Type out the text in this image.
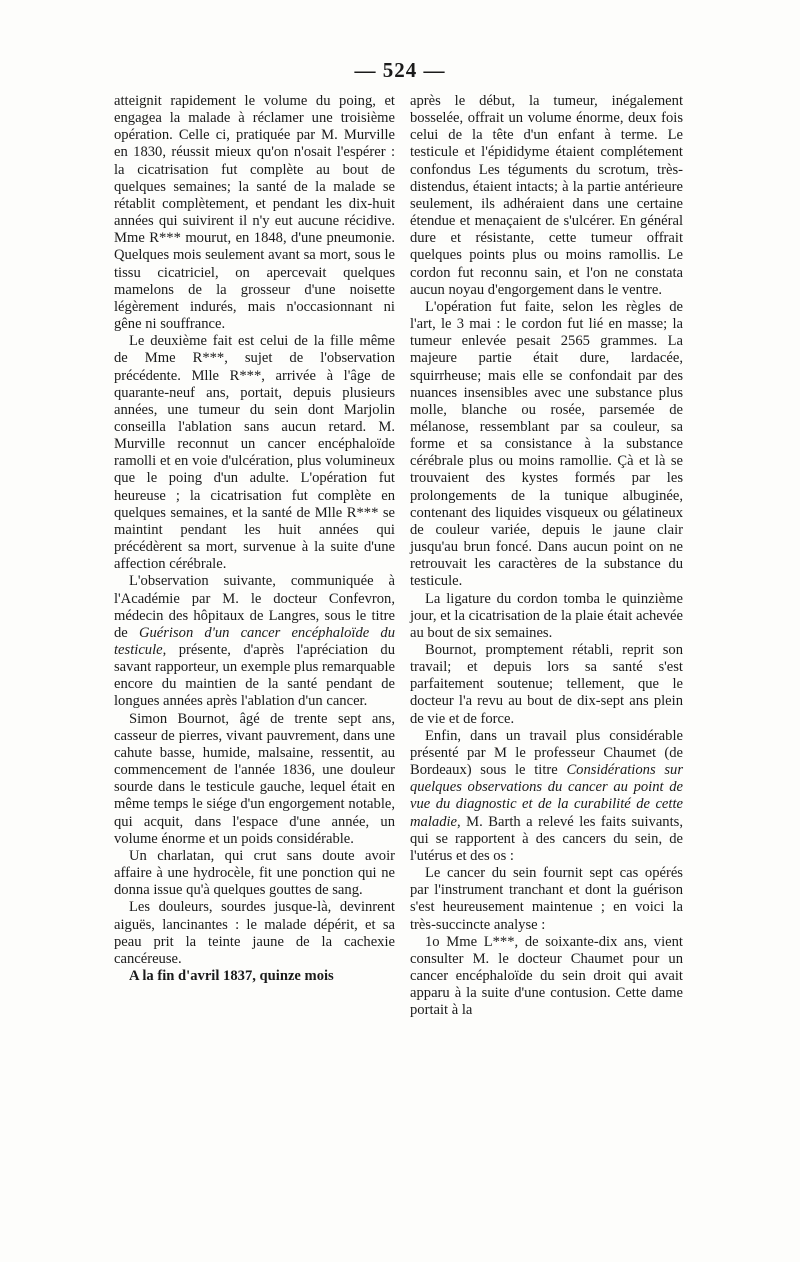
— 524 —

atteignit rapidement le volume du poing, et engagea la malade à réclamer une troisième opération. Celle ci, pratiquée par M. Murville en 1830, réussit mieux qu'on n'osait l'espérer : la cicatrisation fut complète au bout de quelques semaines; la santé de la malade se rétablit complètement, et pendant les dix-huit années qui suivirent il n'y eut aucune récidive. Mme R*** mourut, en 1848, d'une pneumonie. Quelques mois seulement avant sa mort, sous le tissu cicatriciel, on apercevait quelques mamelons de la grosseur d'une noisette légèrement indurés, mais n'occasionnant ni gêne ni souffrance.

Le deuxième fait est celui de la fille même de Mme R***, sujet de l'observation précédente. Mlle R***, arrivée à l'âge de quarante-neuf ans, portait, depuis plusieurs années, une tumeur du sein dont Marjolin conseilla l'ablation sans aucun retard. M. Murville reconnut un cancer encéphaloïde ramolli et en voie d'ulcération, plus volumineux que le poing d'un adulte. L'opération fut heureuse ; la cicatrisation fut complète en quelques semaines, et la santé de Mlle R*** se maintint pendant les huit années qui précédèrent sa mort, survenue à la suite d'une affection cérébrale.

L'observation suivante, communiquée à l'Académie par M. le docteur Confevron, médecin des hôpitaux de Langres, sous le titre de Guérison d'un cancer encéphaloïde du testicule, présente, d'après l'apréciation du savant rapporteur, un exemple plus remarquable encore du maintien de la santé pendant de longues années après l'ablation d'un cancer.

Simon Bournot, âgé de trente sept ans, casseur de pierres, vivant pauvrement, dans une cahute basse, humide, malsaine, ressentit, au commencement de l'année 1836, une douleur sourde dans le testicule gauche, lequel était en même temps le siége d'un engorgement notable, qui acquit, dans l'espace d'une année, un volume énorme et un poids considérable.

Un charlatan, qui crut sans doute avoir affaire à une hydrocèle, fit une ponction qui ne donna issue qu'à quelques gouttes de sang.

Les douleurs, sourdes jusque-là, devinrent aiguës, lancinantes : le malade dépérit, et sa peau prit la teinte jaune de la cachexie cancéreuse.

A la fin d'avril 1837, quinze mois

après le début, la tumeur, inégalement bosselée, offrait un volume énorme, deux fois celui de la tête d'un enfant à terme. Le testicule et l'épididyme étaient complétement confondus Les téguments du scrotum, très-distendus, étaient intacts; à la partie antérieure seulement, ils adhéraient dans une certaine étendue et menaçaient de s'ulcérer. En général dure et résistante, cette tumeur offrait quelques points plus ou moins ramollis. Le cordon fut reconnu sain, et l'on ne constata aucun noyau d'engorgement dans le ventre.

L'opération fut faite, selon les règles de l'art, le 3 mai : le cordon fut lié en masse; la tumeur enlevée pesait 2565 grammes. La majeure partie était dure, lardacée, squirrheuse; mais elle se confondait par des nuances insensibles avec une substance plus molle, blanche ou rosée, parsemée de mélanose, ressemblant par sa couleur, sa forme et sa consistance à la substance cérébrale plus ou moins ramollie. Çà et là se trouvaient des kystes formés par les prolongements de la tunique albuginée, contenant des liquides visqueux ou gélatineux de couleur variée, depuis le jaune clair jusqu'au brun foncé. Dans aucun point on ne retrouvait les caractères de la substance du testicule.

La ligature du cordon tomba le quinzième jour, et la cicatrisation de la plaie était achevée au bout de six semaines.

Bournot, promptement rétabli, reprit son travail; et depuis lors sa santé s'est parfaitement soutenue; tellement, que le docteur l'a revu au bout de dix-sept ans plein de vie et de force.

Enfin, dans un travail plus considérable présenté par M le professeur Chaumet (de Bordeaux) sous le titre Considérations sur quelques observations du cancer au point de vue du diagnostic et de la curabilité de cette maladie, M. Barth a relevé les faits suivants, qui se rapportent à des cancers du sein, de l'utérus et des os :

Le cancer du sein fournit sept cas opérés par l'instrument tranchant et dont la guérison s'est heureusement maintenue ; en voici la très-succincte analyse :

1o Mme L***, de soixante-dix ans, vient consulter M. le docteur Chaumet pour un cancer encéphaloïde du sein droit qui avait apparu à la suite d'une contusion. Cette dame portait à la
